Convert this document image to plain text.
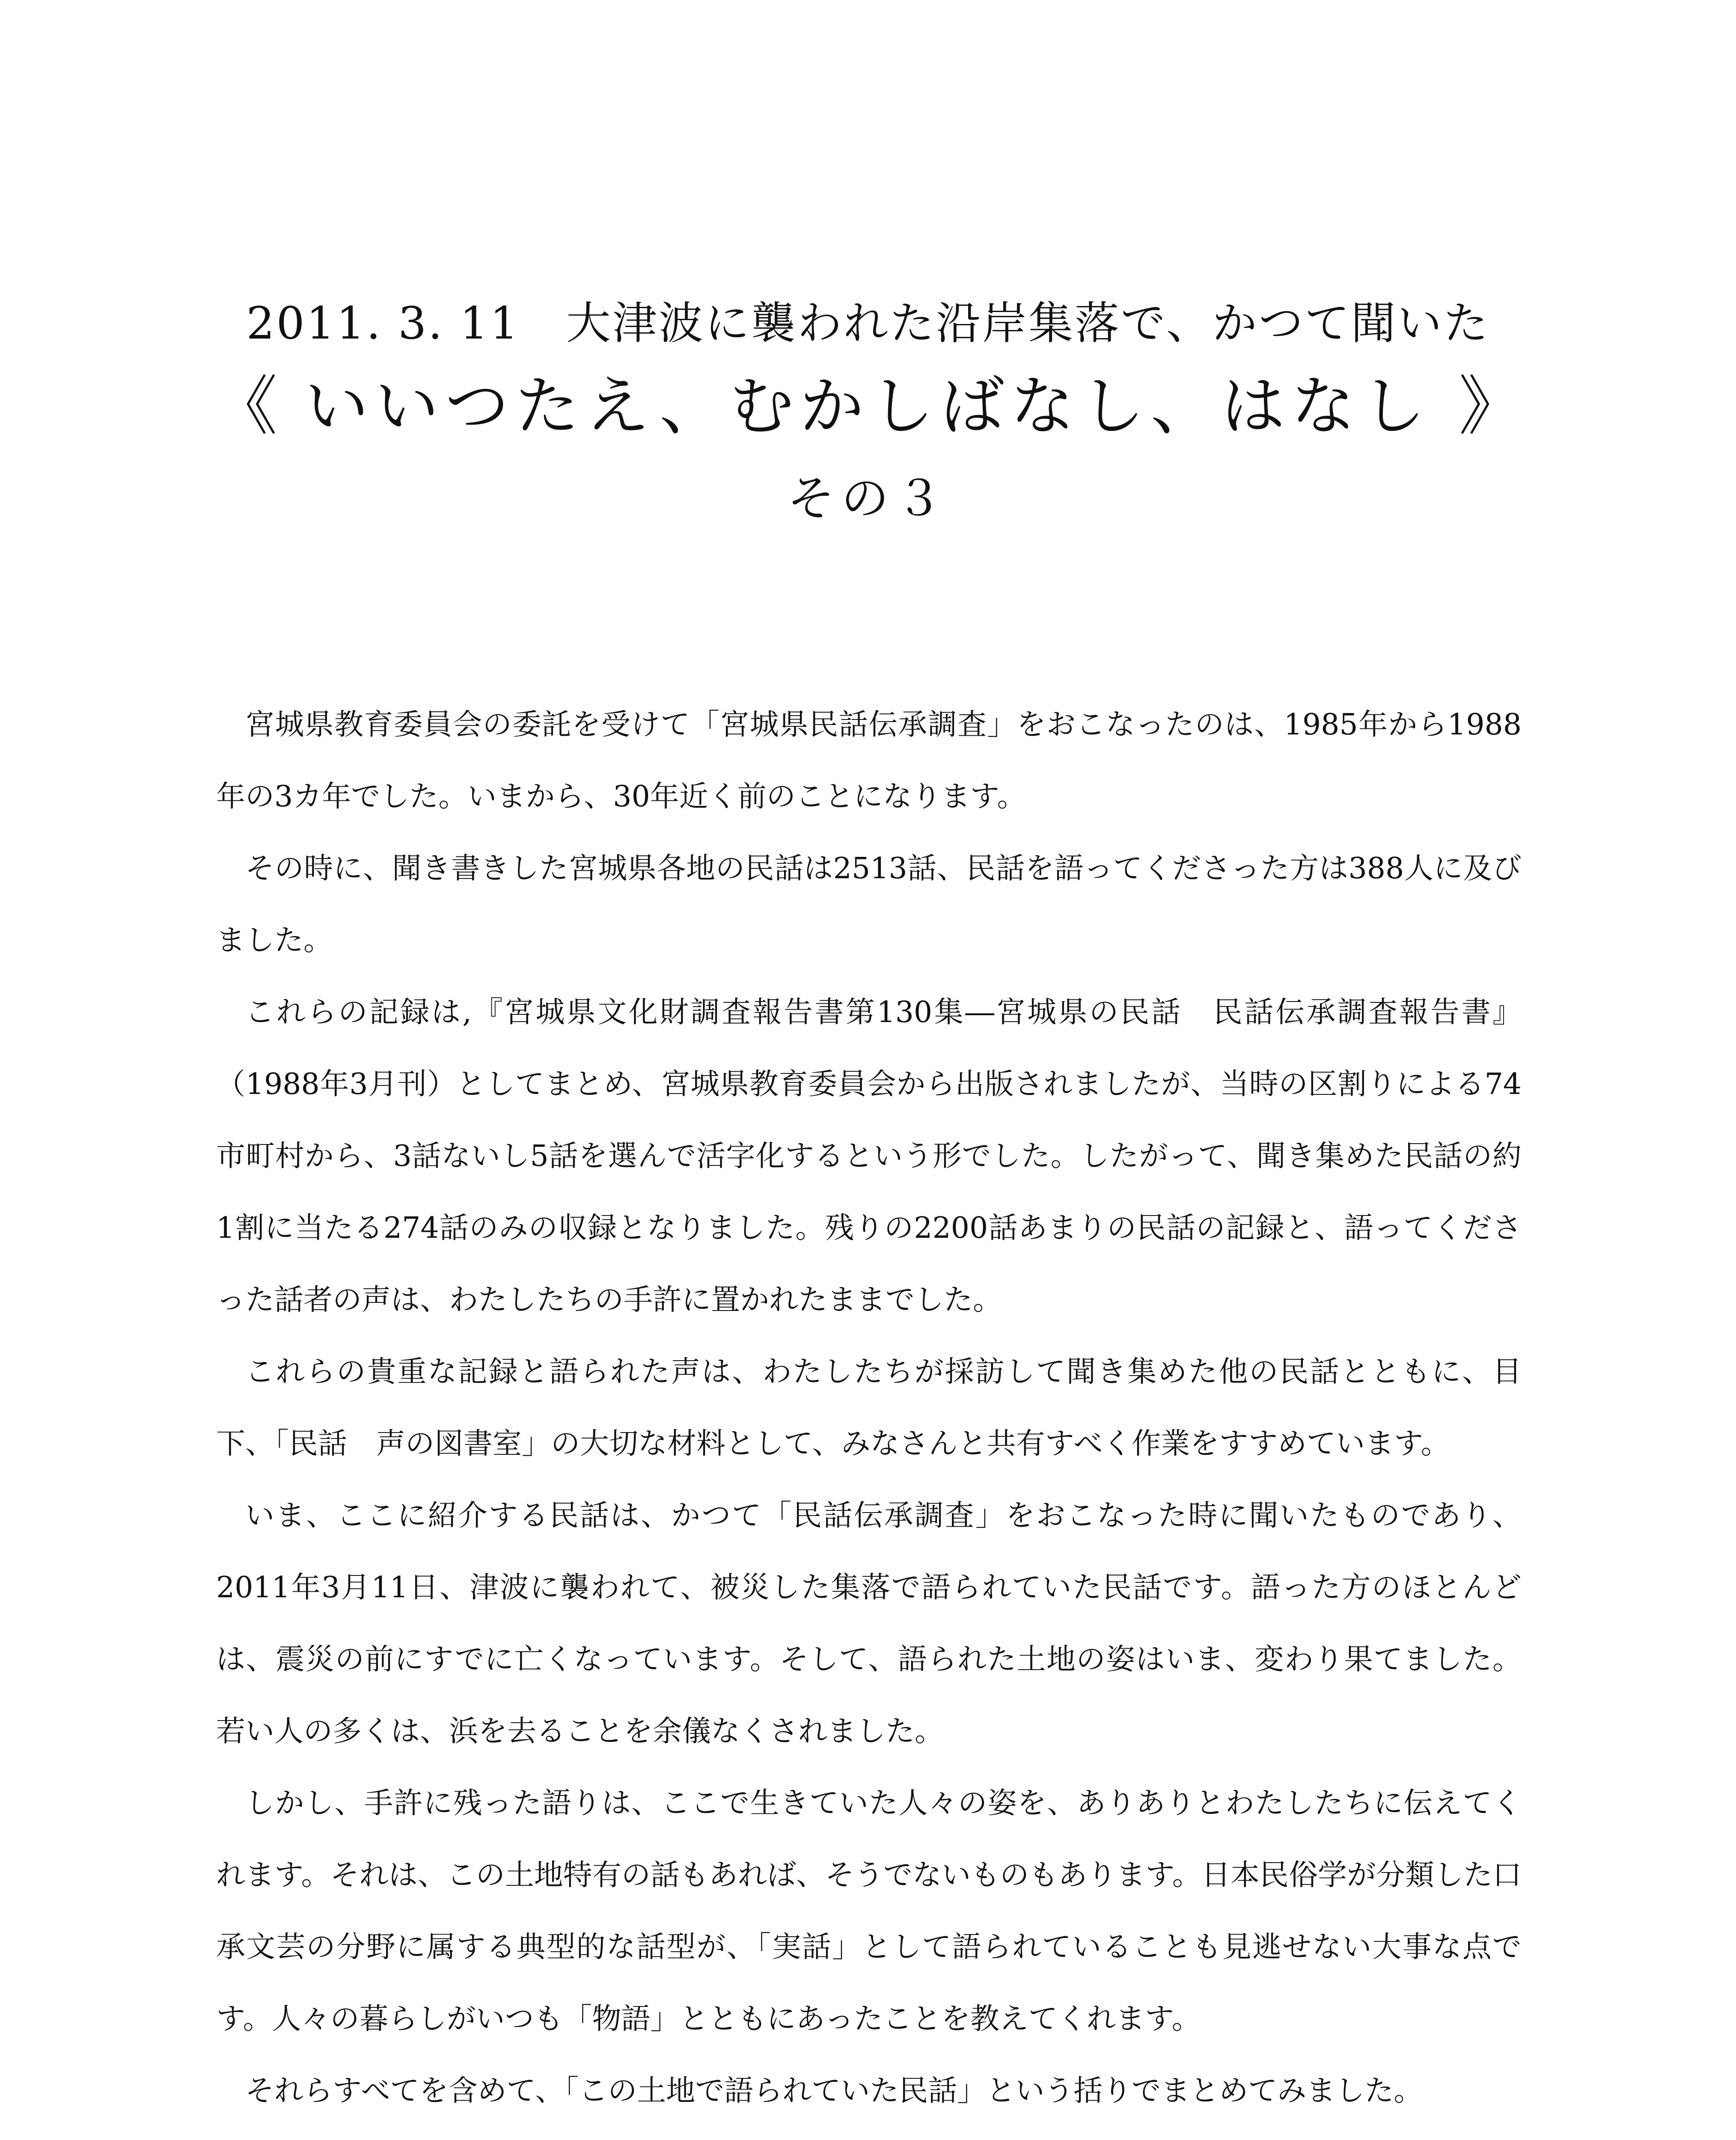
2011. 3. 11　大津波に襲われた沿岸集落で、かつて聞いた
《 いいつたえ、むかしばなし、はなし 》
その３

宮城県教育委員会の委託を受けて「宮城県民話伝承調査」をおこなったのは、1985年から1988年の3カ年でした。いまから、30年近く前のことになります。

その時に、聞き書きした宮城県各地の民話は2513話、民話を語ってくださった方は388人に及びました。

これらの記録は,『宮城県文化財調査報告書第130集―宮城県の民話　民話伝承調査報告書』（1988年3月刊）としてまとめ、宮城県教育委員会から出版されましたが、当時の区割りによる74市町村から、3話ないし5話を選んで活字化するという形でした。したがって、聞き集めた民話の約1割に当たる274話のみの収録となりました。残りの2200話あまりの民話の記録と、語ってくださった話者の声は、わたしたちの手許に置かれたままでした。

これらの貴重な記録と語られた声は、わたしたちが採訪して聞き集めた他の民話とともに、目下、「民話　声の図書室」の大切な材料として、みなさんと共有すべく作業をすすめています。

いま、ここに紹介する民話は、かつて「民話伝承調査」をおこなった時に聞いたものであり、2011年3月11日、津波に襲われて、被災した集落で語られていた民話です。語った方のほとんどは、震災の前にすでに亡くなっています。そして、語られた土地の姿はいま、変わり果てました。若い人の多くは、浜を去ることを余儀なくされました。

しかし、手許に残った語りは、ここで生きていた人々の姿を、ありありとわたしたちに伝えてくれます。それは、この土地特有の話もあれば、そうでないものもあります。日本民俗学が分類した口承文芸の分野に属する典型的な話型が、「実話」として語られていることも見逃せない大事な点です。人々の暮らしがいつも「物語」とともにあったことを教えてくれます。

それらすべてを含めて、「この土地で語られていた民話」という括りでまとめてみました。
